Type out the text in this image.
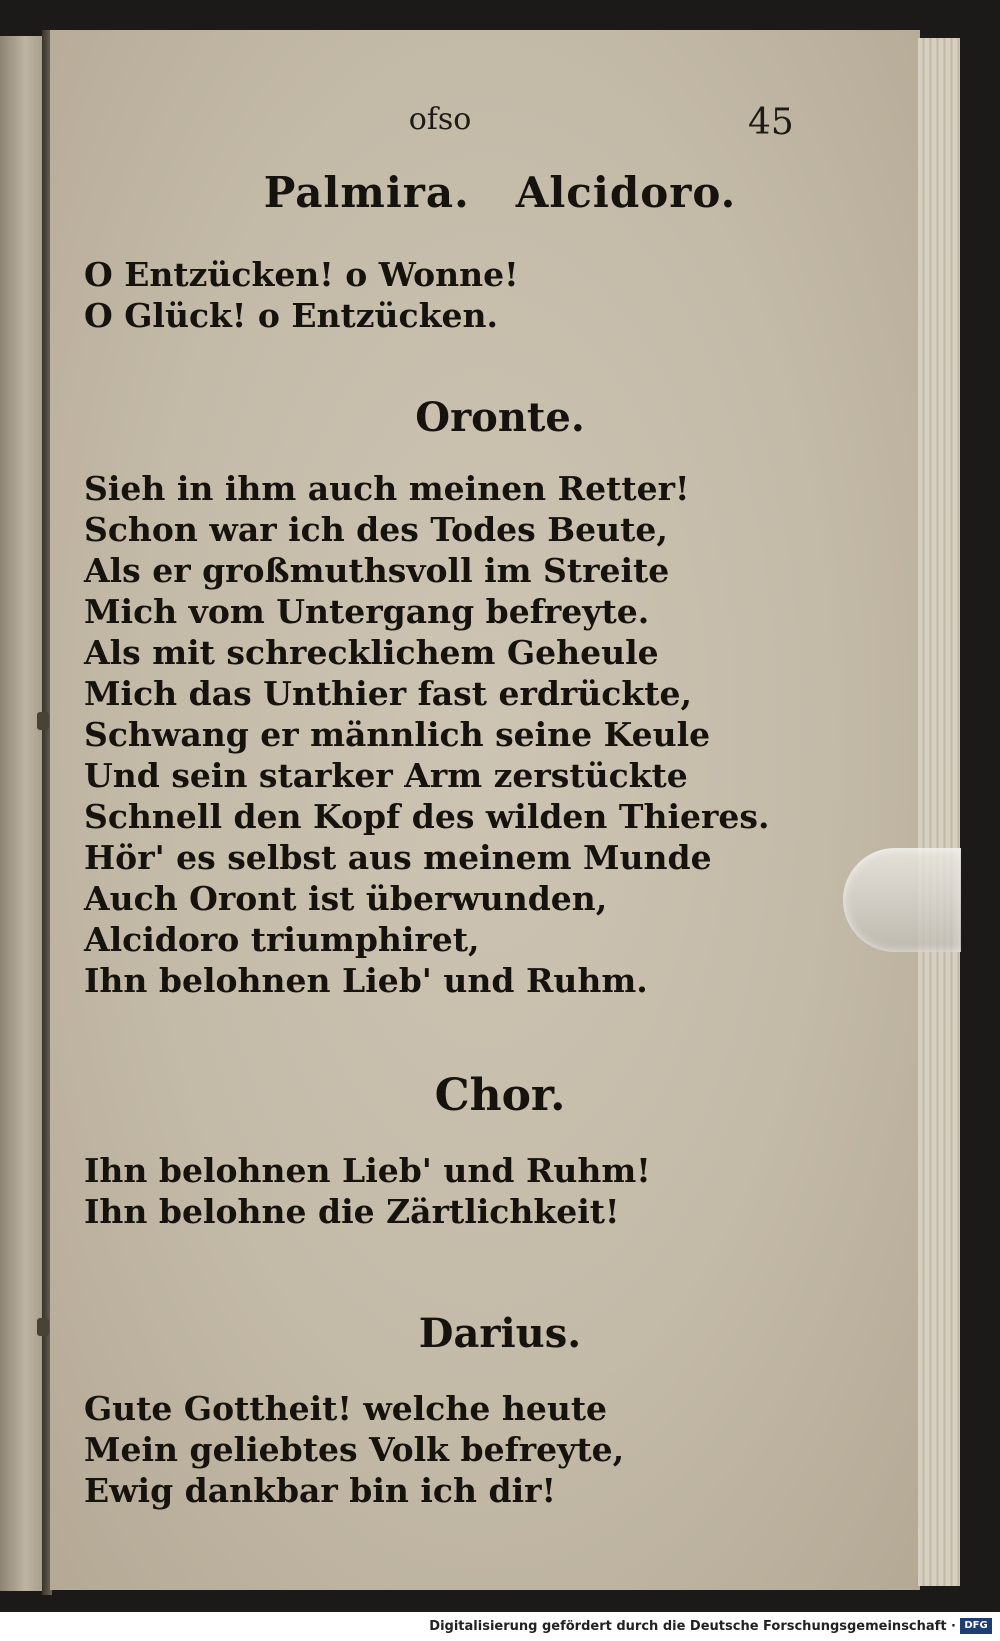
ofso	45
Palmira. Alcidoro.
O Entzücken! o Wonne!
O Glück! o Entzücken.
Oronte.
Sieh in ihm auch meinen Retter!
Schon war ich des Todes Beute,
Als er großmuthsvoll im Streite
Mich vom Untergang befreyte.
Als mit schrecklichem Geheule
Mich das Unthier fast erdrückte,
Schwang er männlich seine Keule
Und sein starker Arm zerstückte
Schnell den Kopf des wilden Thieres.
Hör' es selbst aus meinem Munde
Auch Oront ist überwunden,
Alcidoro triumphiret,
Ihn belohnen Lieb' und Ruhm.
Chor.
Ihn belohnen Lieb' und Ruhm!
Ihn belohne die Zärtlichkeit!
Darius.
Gute Gottheit! welche heute
Mein geliebtes Volk befreyte,
Ewig dankbar bin ich dir!
Digitalisierung gefördert durch die Deutsche Forschungsgemeinschaft · DFG
